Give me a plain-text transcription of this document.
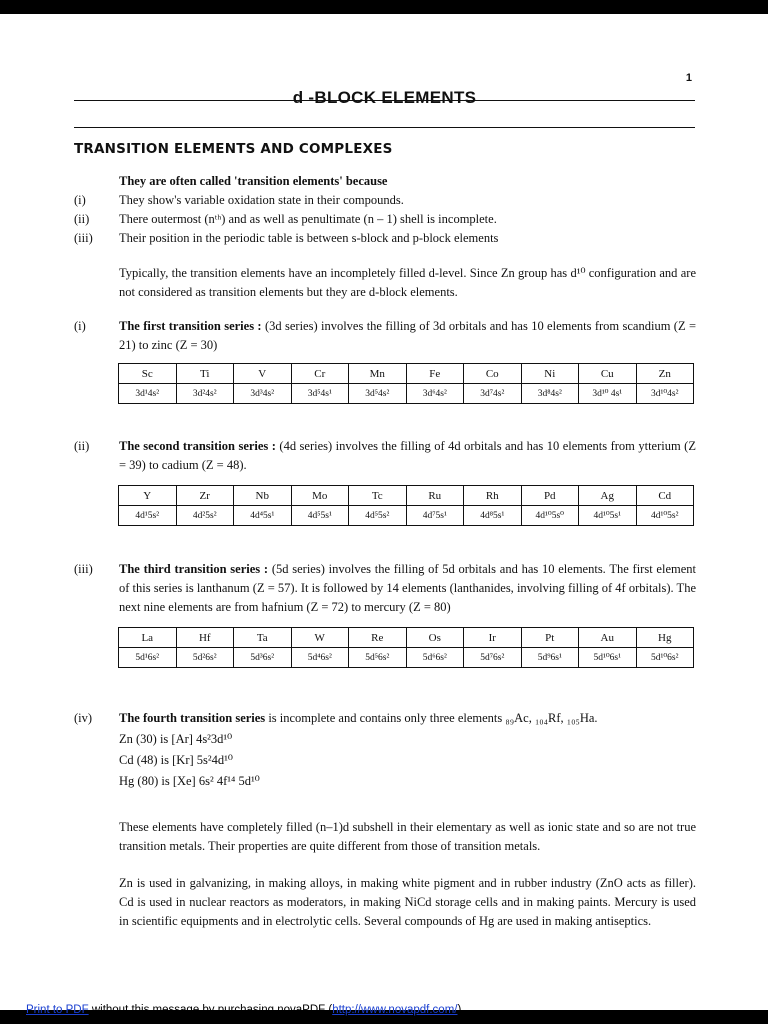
1
d -BLOCK ELEMENTS
TRANSITION ELEMENTS AND COMPLEXES
They are often called 'transition elements' because
(i)	They show's variable oxidation state in their compounds.
(ii) There outermost (nᵗʰ) and as well as penultimate (n – 1) shell is incomplete.
(iii) Their position in the periodic table is between s-block and p-block elements
Typically, the transition elements have an incompletely filled d-level. Since Zn group has d¹⁰ configuration and are not considered as transition elements but they are d-block elements.
(i)	The first transition series : (3d series) involves the filling of 3d orbitals and has 10 elements from scandium (Z = 21) to zinc (Z = 30)
Sc	Ti	V	Cr	Mn	Fe	Co	Ni	Cu	Zn
3d¹4s²	3d²4s²	3d³4s²	3d⁵4s¹	3d⁵4s²	3d⁶4s²	3d⁷4s²	3d⁸4s²	3d¹⁰ 4s¹	3d¹⁰4s²
(ii) The second transition series : (4d series) involves the filling of 4d orbitals and has 10 elements from ytterium (Z = 39) to cadium (Z = 48).
Y	Zr	Nb	Mo	Tc	Ru	Rh	Pd	Ag	Cd
4d¹5s²	4d²5s²	4d⁴5s¹	4d⁵5s¹	4d⁵5s²	4d⁷5s¹	4d⁸5s¹	4d¹⁰5s⁰	4d¹⁰5s¹	4d¹⁰5s²
(iii) The third transition series : (5d series) involves the filling of 5d orbitals and has 10 elements. The first element of this series is lanthanum (Z = 57). It is followed by 14 elements (lanthanides, involving filling of 4f orbitals). The next nine elements are from hafnium (Z = 72) to mercury (Z = 80)
La	Hf	Ta	W	Re	Os	Ir	Pt	Au	Hg
5d¹6s²	5d²6s²	5d³6s²	5d⁴6s²	5d⁵6s²	5d⁶6s²	5d⁷6s²	5d⁹6s¹	5d¹⁰6s¹	5d¹⁰6s²
(iv) The fourth transition series is incomplete and contains only three elements ₈₉Ac, ₁₀₄Rf, ₁₀₅Ha.
Zn (30) is [Ar] 4s²3d¹⁰
Cd (48) is [Kr] 5s²4d¹⁰
Hg (80) is [Xe] 6s² 4f¹⁴ 5d¹⁰
These elements have completely filled (n–1)d subshell in their elementary as well as ionic state and so are not true transition metals. Their properties are quite different from those of transition metals.
Zn is used in galvanizing, in making alloys, in making white pigment and in rubber industry (ZnO acts as filler). Cd is used in nuclear reactors as moderators, in making NiCd storage cells and in making paints. Mercury is used in scientific equipments and in electrolytic cells. Several compounds of Hg are used in making antiseptics.
Print to PDF without this message by purchasing novaPDF (http://www.novapdf.com/)
